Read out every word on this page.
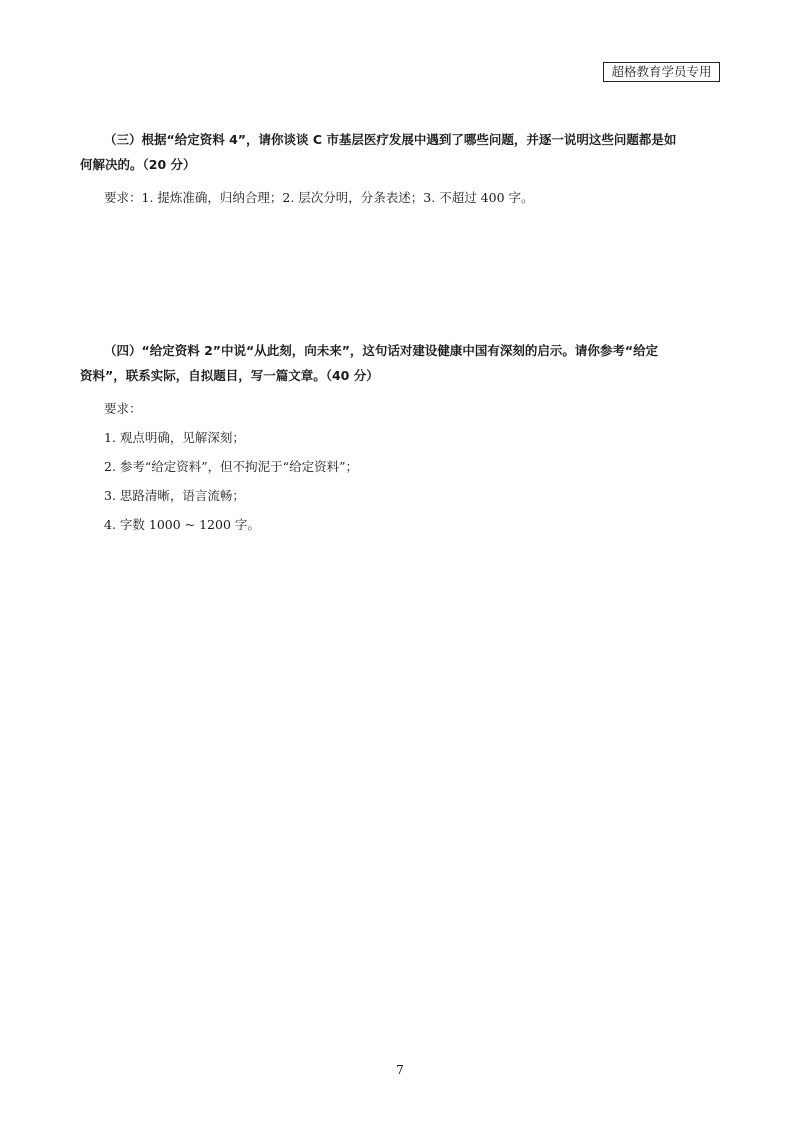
超格教育学员专用
（三）根据“给定资料 4”，请你谈谈 C 市基层医疗发展中遇到了哪些问题，并逐一说明这些问题都是如
何解决的。（20 分）
要求：1. 提炼准确，归纳合理；2. 层次分明，分条表述；3. 不超过 400 字。
（四）“给定资料 2”中说“从此刻，向未来”，这句话对建设健康中国有深刻的启示。请你参考“给定
资料”，联系实际，自拟题目，写一篇文章。（40 分）
要求：
1. 观点明确，见解深刻；
2. 参考“给定资料”，但不拘泥于“给定资料”；
3. 思路清晰，语言流畅；
4. 字数 1000 ~ 1200 字。
7
